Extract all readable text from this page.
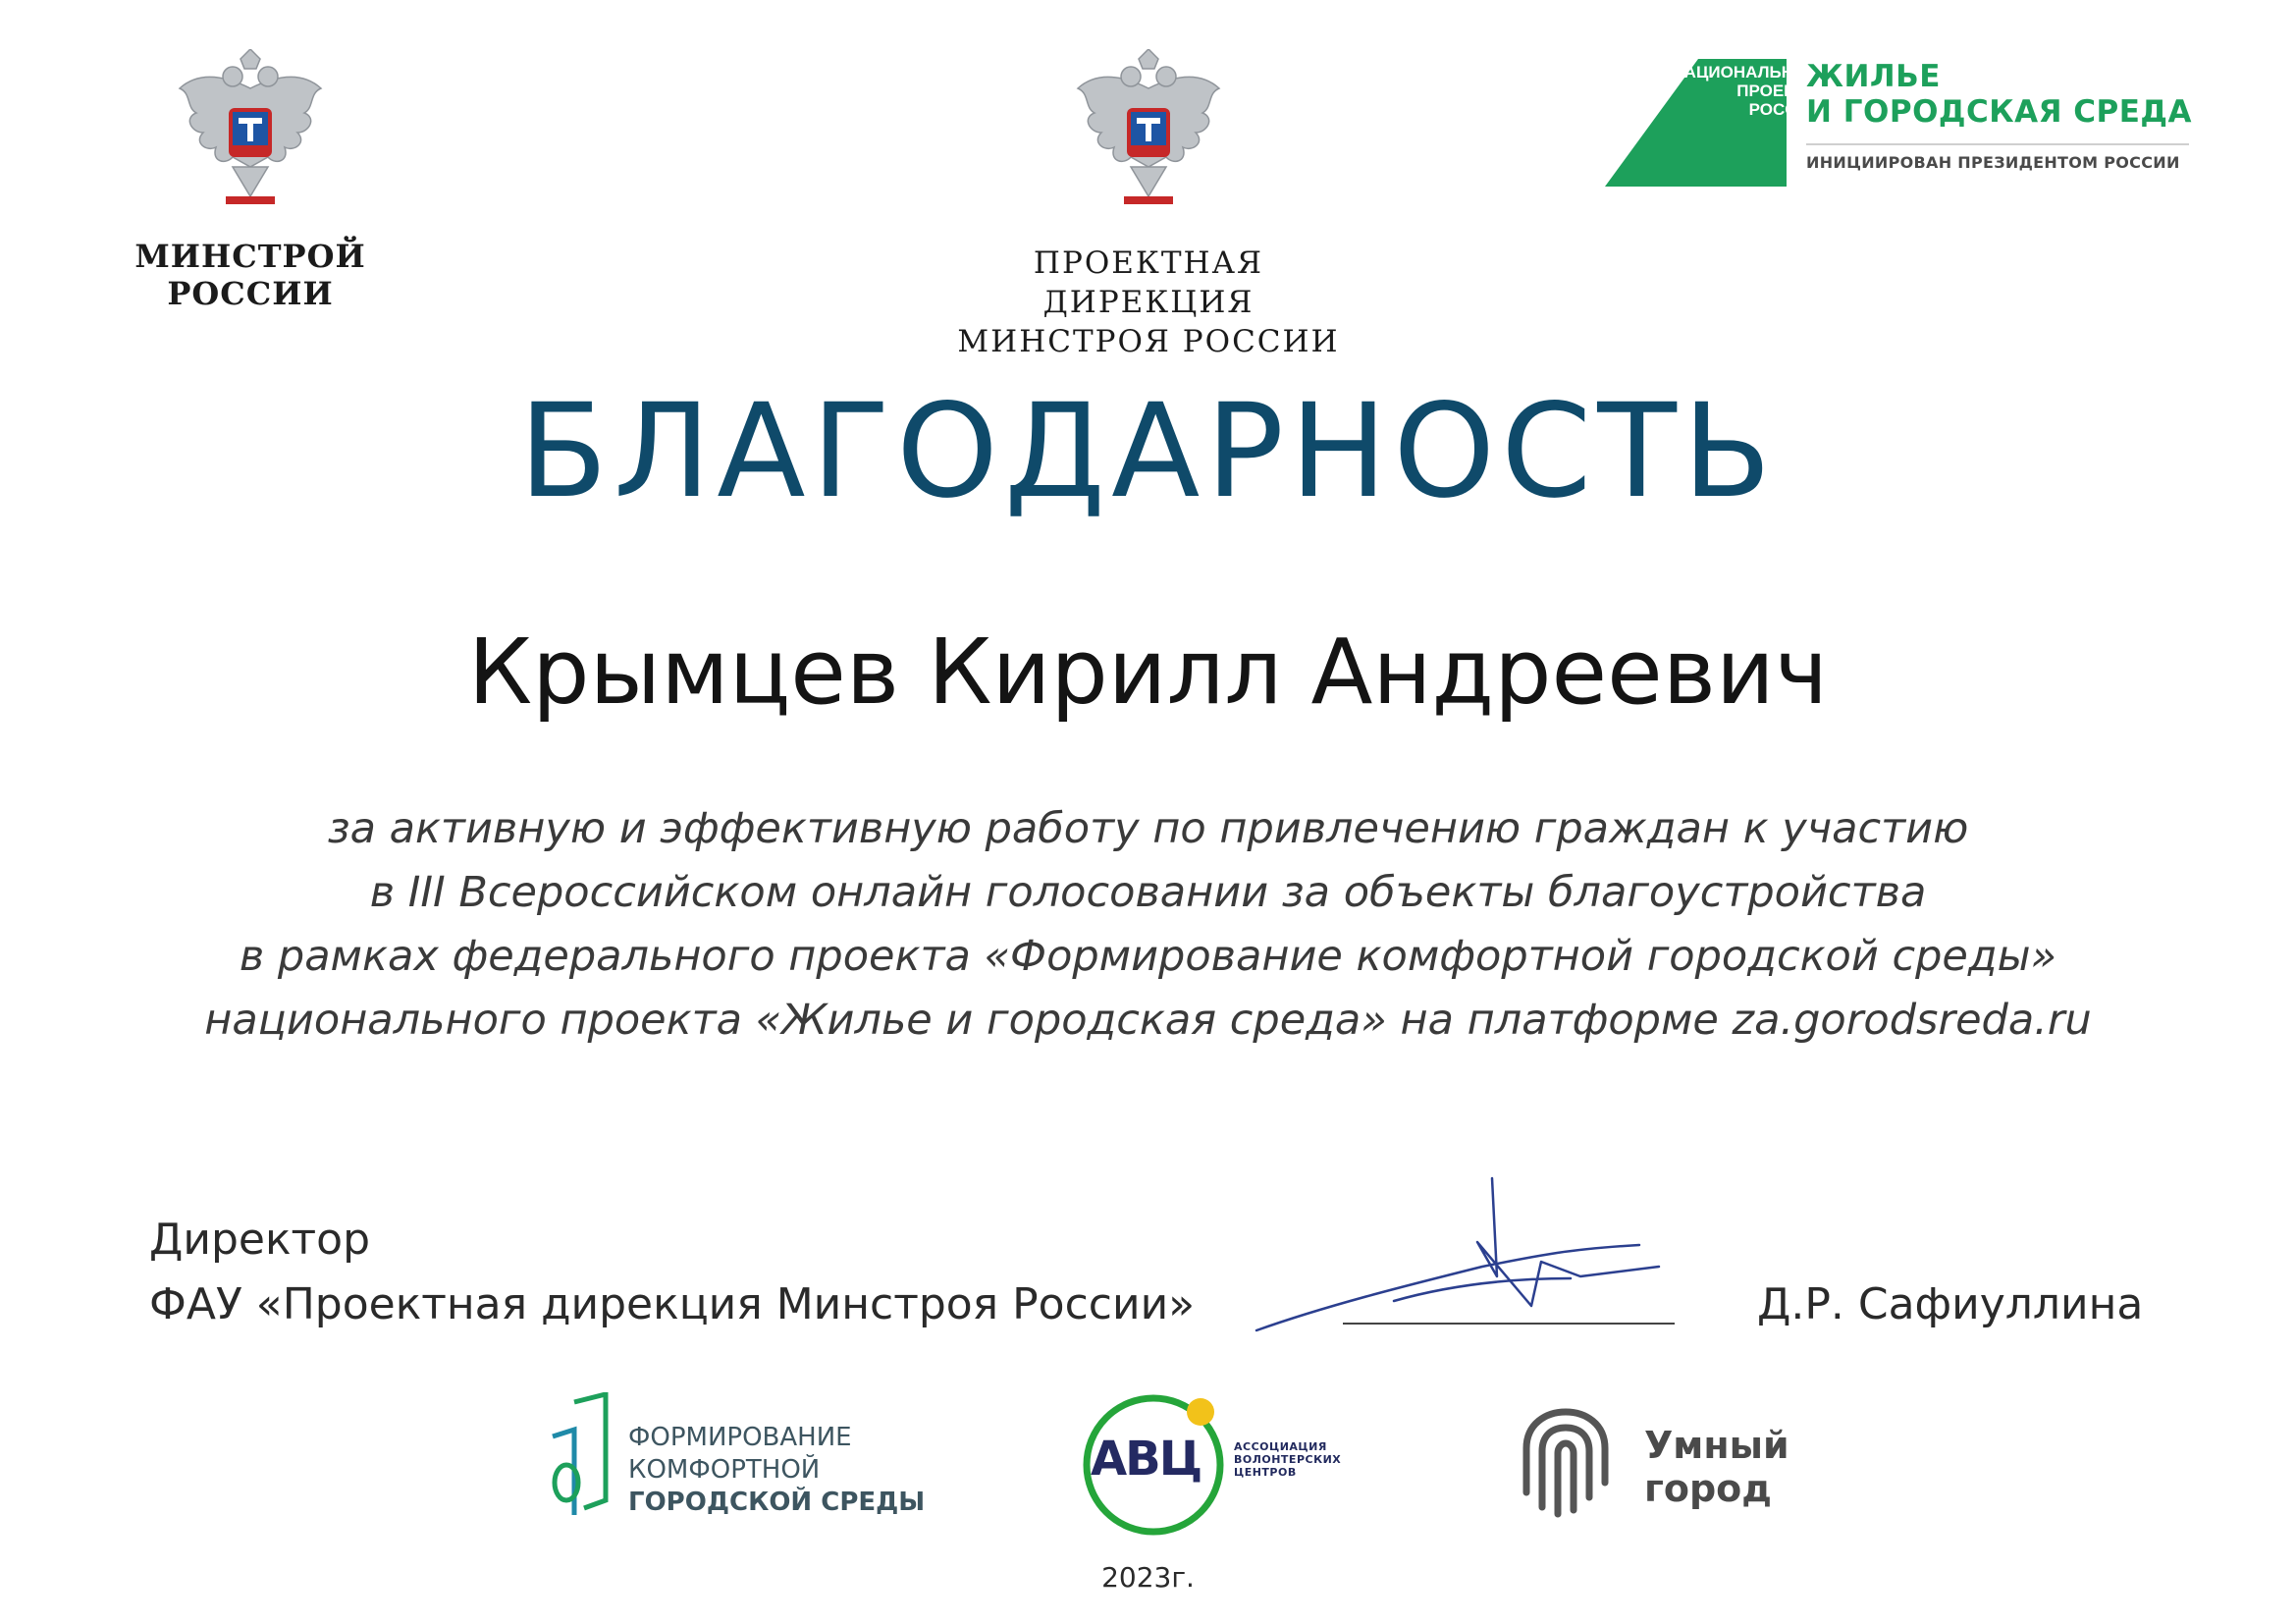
МИНСТРОЙ
РОССИИ
ПРОЕКТНАЯ ДИРЕКЦИЯ
МИНСТРОЯ РОССИИ
НАЦИОНАЛЬНЫЕ
ПРОЕКТЫ
РОССИИ
ЖИЛЬЕ
И ГОРОДСКАЯ СРЕДА
ИНИЦИИРОВАН ПРЕЗИДЕНТОМ РОССИИ
БЛАГОДАРНОСТЬ
Крымцев Кирилл Андреевич
за активную и эффективную работу по привлечению граждан к участию
в III Всероссийском онлайн голосовании за объекты благоустройства
в рамках федерального проекта «Формирование комфортной городской среды»
национального проекта «Жилье и городская среда» на платформе za.gorodsreda.ru
Директор
ФАУ «Проектная дирекция Минстроя России»	Д.Р. Сафиуллина
ФОРМИРОВАНИЕ
КОМФОРТНОЙ
ГОРОДСКОЙ СРЕДЫ
АВЦ	АССОЦИАЦИЯ
ВОЛОНТЕРСКИХ
ЦЕНТРОВ
Умный
город
2023г.
